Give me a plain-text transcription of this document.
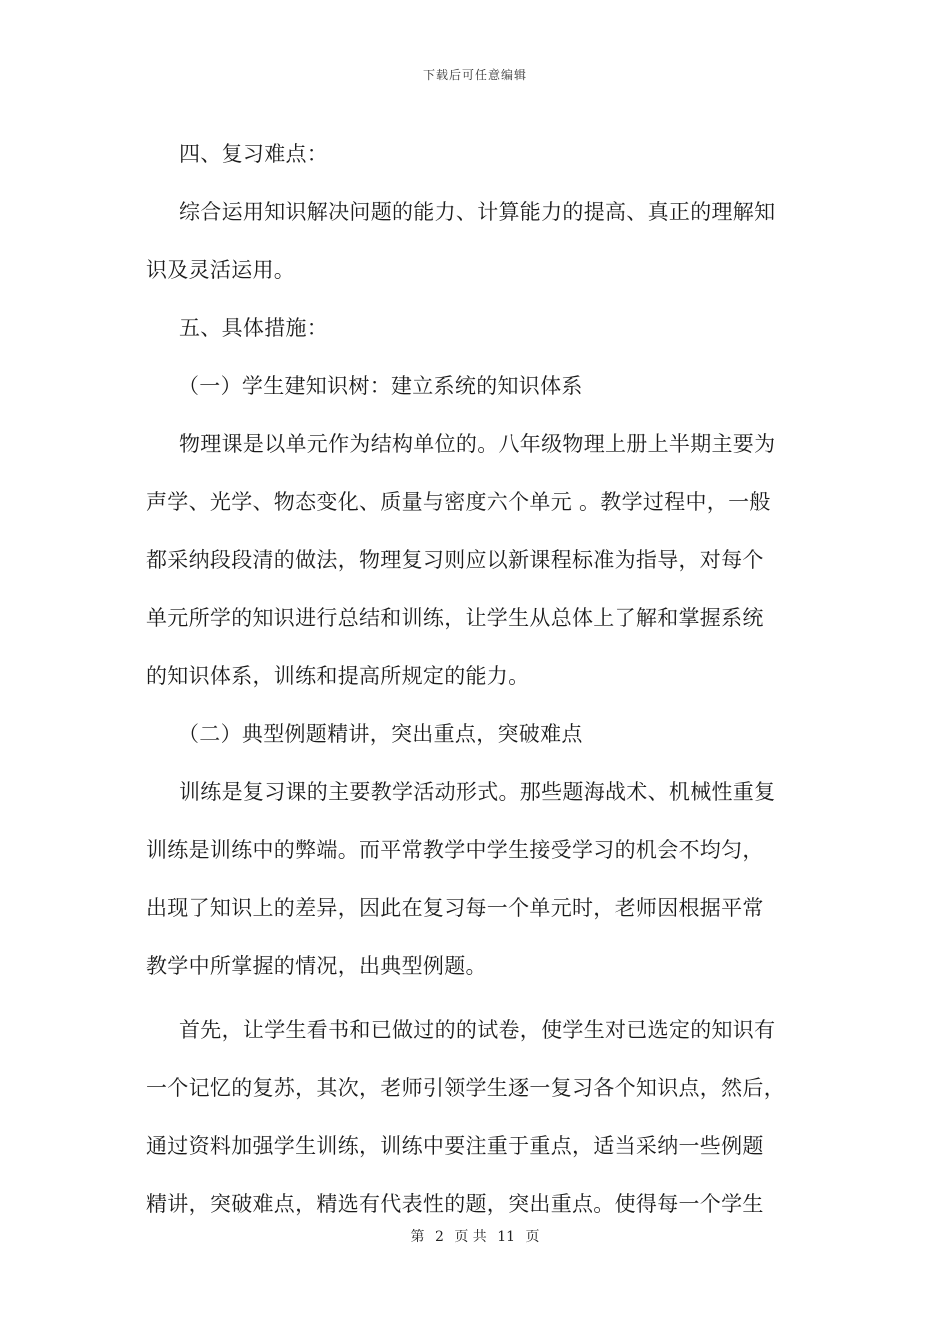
下载后可任意编辑
四、复习难点：
综合运用知识解决问题的能力、计算能力的提高、真正的理解知
识及灵活运用。
五、具体措施：
（一）学生建知识树：建立系统的知识体系
物理课是以单元作为结构单位的。八年级物理上册上半期主要为
声学、光学、物态变化、质量与密度六个单元 。教学过程中，一般
都采纳段段清的做法，物理复习则应以新课程标准为指导，对每个
单元所学的知识进行总结和训练，让学生从总体上了解和掌握系统
的知识体系，训练和提高所规定的能力。
（二）典型例题精讲，突出重点，突破难点
训练是复习课的主要教学活动形式。那些题海战术、机械性重复
训练是训练中的弊端。而平常教学中学生接受学习的机会不均匀，
出现了知识上的差异，因此在复习每一个单元时，老师因根据平常
教学中所掌握的情况，出典型例题。
首先，让学生看书和已做过的的试卷，使学生对已选定的知识有
一个记忆的复苏，其次，老师引领学生逐一复习各个知识点，然后，
通过资料加强学生训练，训练中要注重于重点，适当采纳一些例题
精讲，突破难点，精选有代表性的题，突出重点。使得每一个学生
第 2 页 共 11 页
